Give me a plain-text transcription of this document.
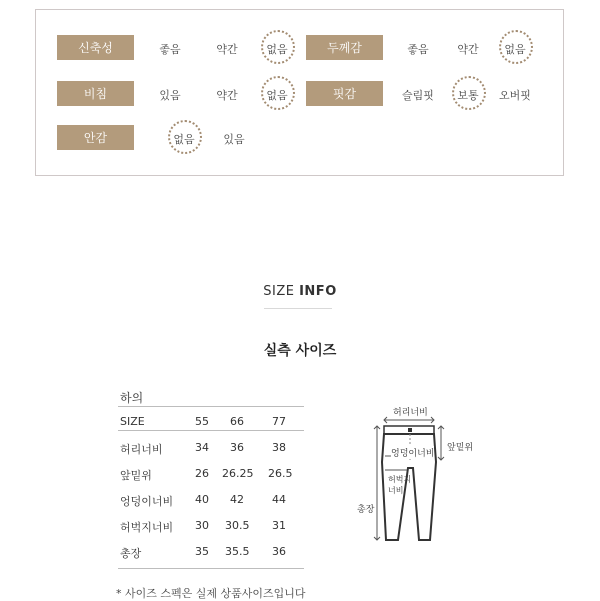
신축성	좋음	약간	없음	두께감	좋음	약간	없음
비침	있음	약간	없음	핏감	슬림핏	보통	오버핏
안감	없음	있음
SIZE INFO
실측 사이즈
하의
SIZE	55 66	77
허리너비	34 36	38
앞밑위	26 26.25 26.5
엉덩이너비 40 42	44
허벅지너비 30 30.5 31
총장	35 35.5 36
허리너비
앞밑위
엉덩이너비
허벅지
너비
총장
* 사이즈 스펙은 실제 상품사이즈입니다
